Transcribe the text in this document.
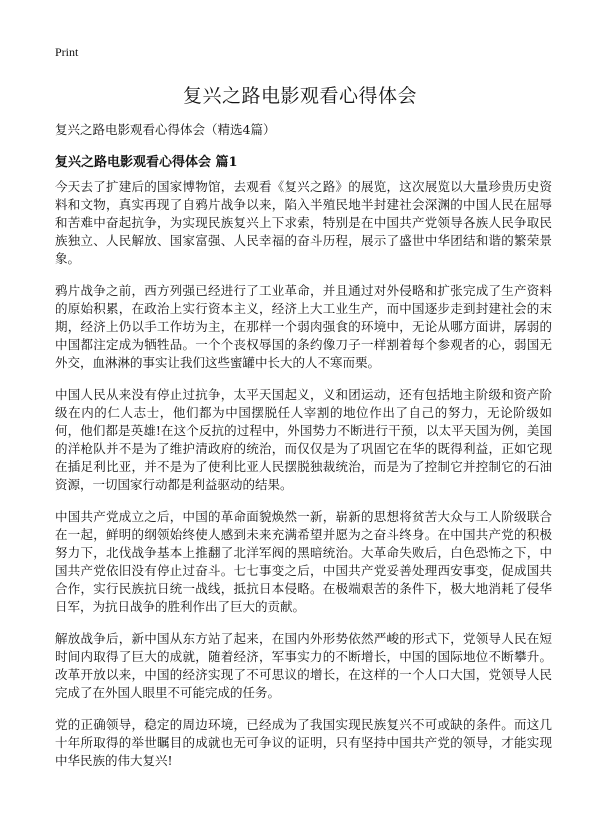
Print
复兴之路电影观看心得体会

复兴之路电影观看心得体会（精选4篇）

复兴之路电影观看心得体会 篇1

今天去了扩建后的国家博物馆，去观看《复兴之路》的展览，这次展览以大量珍贵历史资料和文物，真实再现了自鸦片战争以来，陷入半殖民地半封建社会深渊的中国人民在屈辱和苦难中奋起抗争，为实现民族复兴上下求索，特别是在中国共产党领导各族人民争取民族独立、人民解放、国家富强、人民幸福的奋斗历程，展示了盛世中华团结和谐的繁荣景象。

鸦片战争之前，西方列强已经进行了工业革命，并且通过对外侵略和扩张完成了生产资料的原始积累，在政治上实行资本主义，经济上大工业生产，而中国逐步走到封建社会的末期，经济上仍以手工作坊为主，在那样一个弱肉强食的环境中，无论从哪方面讲，孱弱的中国都注定成为牺牲品。一个个丧权辱国的条约像刀子一样割着每个参观者的心，弱国无外交，血淋淋的事实让我们这些蜜罐中长大的人不寒而栗。

中国人民从来没有停止过抗争，太平天国起义，义和团运动，还有包括地主阶级和资产阶级在内的仁人志士，他们都为中国摆脱任人宰割的地位作出了自己的努力，无论阶级如何，他们都是英雄!在这个反抗的过程中，外国势力不断进行干预，以太平天国为例，美国的洋枪队并不是为了维护清政府的统治，而仅仅是为了巩固它在华的既得利益，正如它现在插足利比亚，并不是为了使利比亚人民摆脱独裁统治，而是为了控制它并控制它的石油资源，一切国家行动都是利益驱动的结果。

中国共产党成立之后，中国的革命面貌焕然一新，崭新的思想将贫苦大众与工人阶级联合在一起，鲜明的纲领始终使人感到未来充满希望并愿为之奋斗终身。在中国共产党的积极努力下，北伐战争基本上推翻了北洋军阀的黑暗统治。大革命失败后，白色恐怖之下，中国共产党依旧没有停止过奋斗。七七事变之后，中国共产党妥善处理西安事变，促成国共合作，实行民族抗日统一战线，抵抗日本侵略。在极端艰苦的条件下，极大地消耗了侵华日军，为抗日战争的胜利作出了巨大的贡献。

解放战争后，新中国从东方站了起来，在国内外形势依然严峻的形式下，党领导人民在短时间内取得了巨大的成就，随着经济，军事实力的不断增长，中国的国际地位不断攀升。改革开放以来，中国的经济实现了不可思议的增长，在这样的一个人口大国，党领导人民完成了在外国人眼里不可能完成的任务。

党的正确领导，稳定的周边环境，已经成为了我国实现民族复兴不可或缺的条件。而这几十年所取得的举世瞩目的成就也无可争议的证明，只有坚持中国共产党的领导，才能实现中华民族的伟大复兴!
